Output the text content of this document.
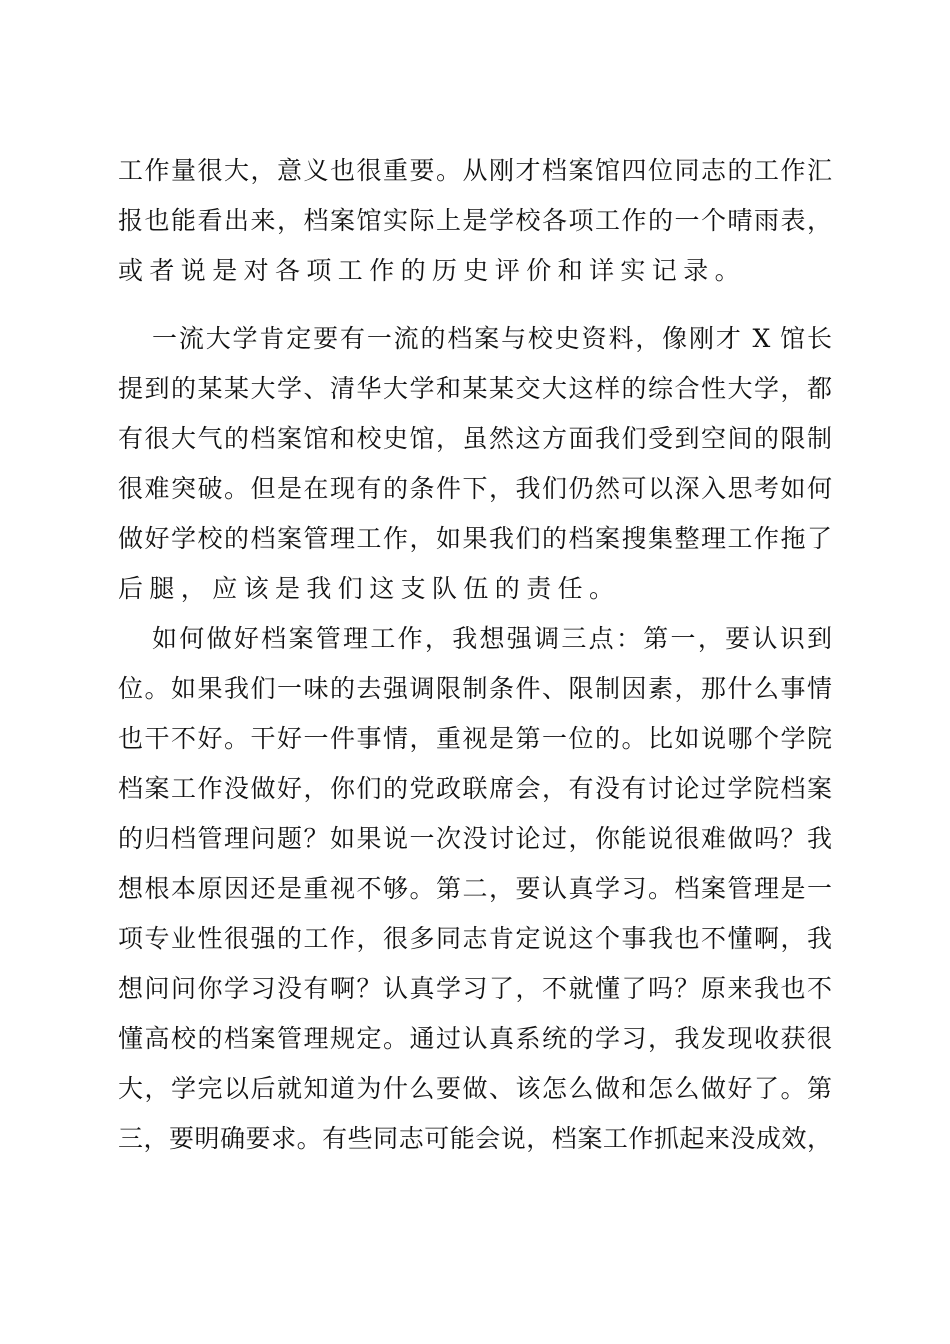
工作量很大，意义也很重要。从刚才档案馆四位同志的工作汇
报也能看出来，档案馆实际上是学校各项工作的一个晴雨表，
或者说是对各项工作的历史评价和详实记录。
一流大学肯定要有一流的档案与校史资料，像刚才 X 馆长
提到的某某大学、清华大学和某某交大这样的综合性大学，都
有很大气的档案馆和校史馆，虽然这方面我们受到空间的限制
很难突破。但是在现有的条件下，我们仍然可以深入思考如何
做好学校的档案管理工作，如果我们的档案搜集整理工作拖了
后腿，应该是我们这支队伍的责任。
如何做好档案管理工作，我想强调三点：第一，要认识到
位。如果我们一味的去强调限制条件、限制因素，那什么事情
也干不好。干好一件事情，重视是第一位的。比如说哪个学院
档案工作没做好，你们的党政联席会，有没有讨论过学院档案
的归档管理问题？如果说一次没讨论过，你能说很难做吗？我
想根本原因还是重视不够。第二，要认真学习。档案管理是一
项专业性很强的工作，很多同志肯定说这个事我也不懂啊，我
想问问你学习没有啊？认真学习了，不就懂了吗？原来我也不
懂高校的档案管理规定。通过认真系统的学习，我发现收获很
大，学完以后就知道为什么要做、该怎么做和怎么做好了。第
三，要明确要求。有些同志可能会说，档案工作抓起来没成效，
